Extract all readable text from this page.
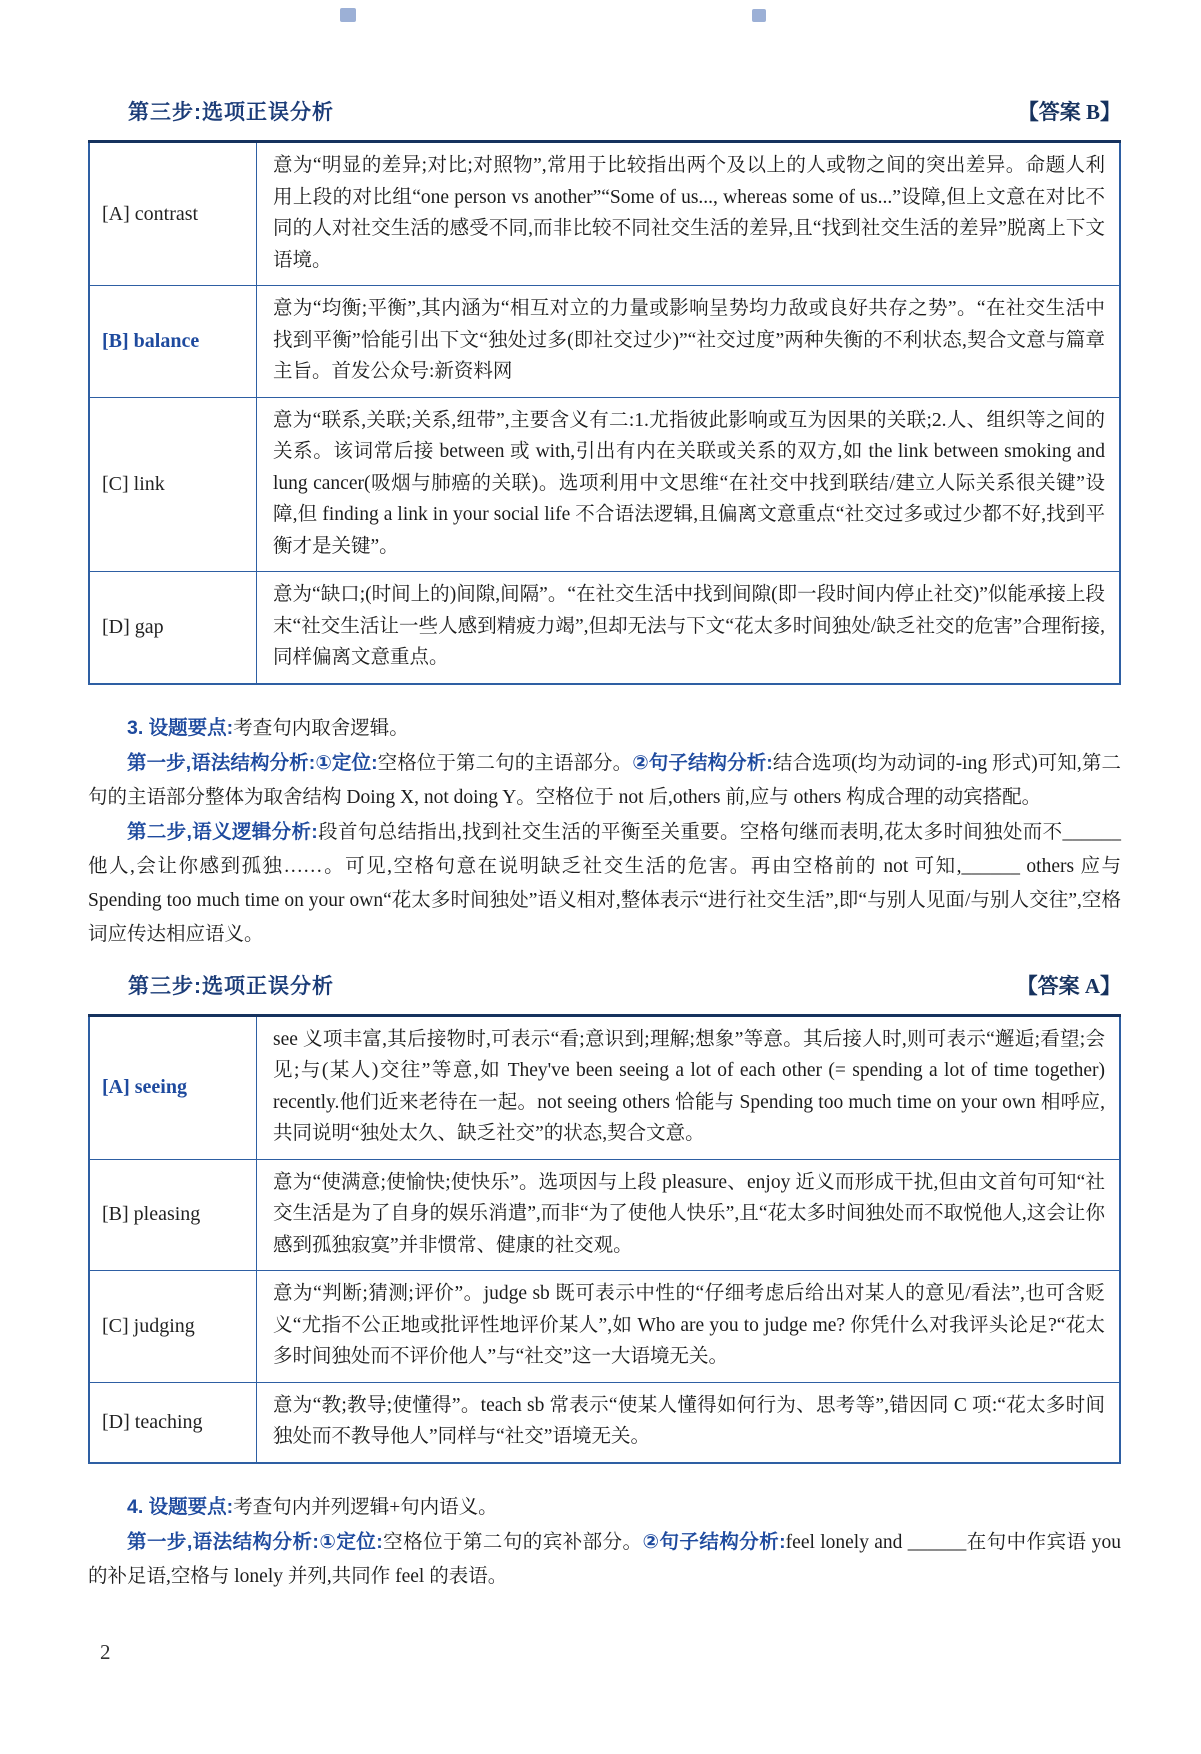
第三步:选项正误分析	【答案 B】
[A] contrast	意为“明显的差异;对比;对照物”,常用于比较指出两个及以上的人或物之间的突出差异。命题人利用上段的对比组“one person vs another”“Some of us..., whereas some of us...”设障,但上文意在对比不同的人对社交生活的感受不同,而非比较不同社交生活的差异,且“找到社交生活的差异”脱离上下文语境。
[B] balance	意为“均衡;平衡”,其内涵为“相互对立的力量或影响呈势均力敌或良好共存之势”。“在社交生活中找到平衡”恰能引出下文“独处过多(即社交过少)”“社交过度”两种失衡的不利状态,契合文意与篇章主旨。首发公众号:新资料网
[C] link	意为“联系,关联;关系,纽带”,主要含义有二:1.尤指彼此影响或互为因果的关联;2.人、组织等之间的关系。该词常后接 between 或 with,引出有内在关联或关系的双方,如 the link between smoking and lung cancer(吸烟与肺癌的关联)。选项利用中文思维“在社交中找到联结/建立人际关系很关键”设障,但 finding a link in your social life 不合语法逻辑,且偏离文意重点“社交过多或过少都不好,找到平衡才是关键”。
[D] gap	意为“缺口;(时间上的)间隙,间隔”。“在社交生活中找到间隙(即一段时间内停止社交)”似能承接上段末“社交生活让一些人感到精疲力竭”,但却无法与下文“花太多时间独处/缺乏社交的危害”合理衔接,同样偏离文意重点。

3. 设题要点:考查句内取舍逻辑。

第一步,语法结构分析:①定位:空格位于第二句的主语部分。②句子结构分析:结合选项(均为动词的-ing 形式)可知,第二句的主语部分整体为取舍结构 Doing X, not doing Y。空格位于 not 后,others 前,应与 others 构成合理的动宾搭配。

第二步,语义逻辑分析:段首句总结指出,找到社交生活的平衡至关重要。空格句继而表明,花太多时间独处而不______他人,会让你感到孤独……。可见,空格句意在说明缺乏社交生活的危害。再由空格前的 not 可知,______ others 应与 Spending too much time on your own“花太多时间独处”语义相对,整体表示“进行社交生活”,即“与别人见面/与别人交往”,空格词应传达相应语义。

第三步:选项正误分析	【答案 A】
[A] seeing	see 义项丰富,其后接物时,可表示“看;意识到;理解;想象”等意。其后接人时,则可表示“邂逅;看望;会见;与(某人)交往”等意,如 They've been seeing a lot of each other (= spending a lot of time together) recently.他们近来老待在一起。not seeing others 恰能与 Spending too much time on your own 相呼应,共同说明“独处太久、缺乏社交”的状态,契合文意。
[B] pleasing	意为“使满意;使愉快;使快乐”。选项因与上段 pleasure、enjoy 近义而形成干扰,但由文首句可知“社交生活是为了自身的娱乐消遣”,而非“为了使他人快乐”,且“花太多时间独处而不取悦他人,这会让你感到孤独寂寞”并非惯常、健康的社交观。
[C] judging	意为“判断;猜测;评价”。judge sb 既可表示中性的“仔细考虑后给出对某人的意见/看法”,也可含贬义“尤指不公正地或批评性地评价某人”,如 Who are you to judge me? 你凭什么对我评头论足?“花太多时间独处而不评价他人”与“社交”这一大语境无关。
[D] teaching	意为“教;教导;使懂得”。teach sb 常表示“使某人懂得如何行为、思考等”,错因同 C 项:“花太多时间独处而不教导他人”同样与“社交”语境无关。

4. 设题要点:考查句内并列逻辑+句内语义。

第一步,语法结构分析:①定位:空格位于第二句的宾补部分。②句子结构分析:feel lonely and ______在句中作宾语 you 的补足语,空格与 lonely 并列,共同作 feel 的表语。

2
